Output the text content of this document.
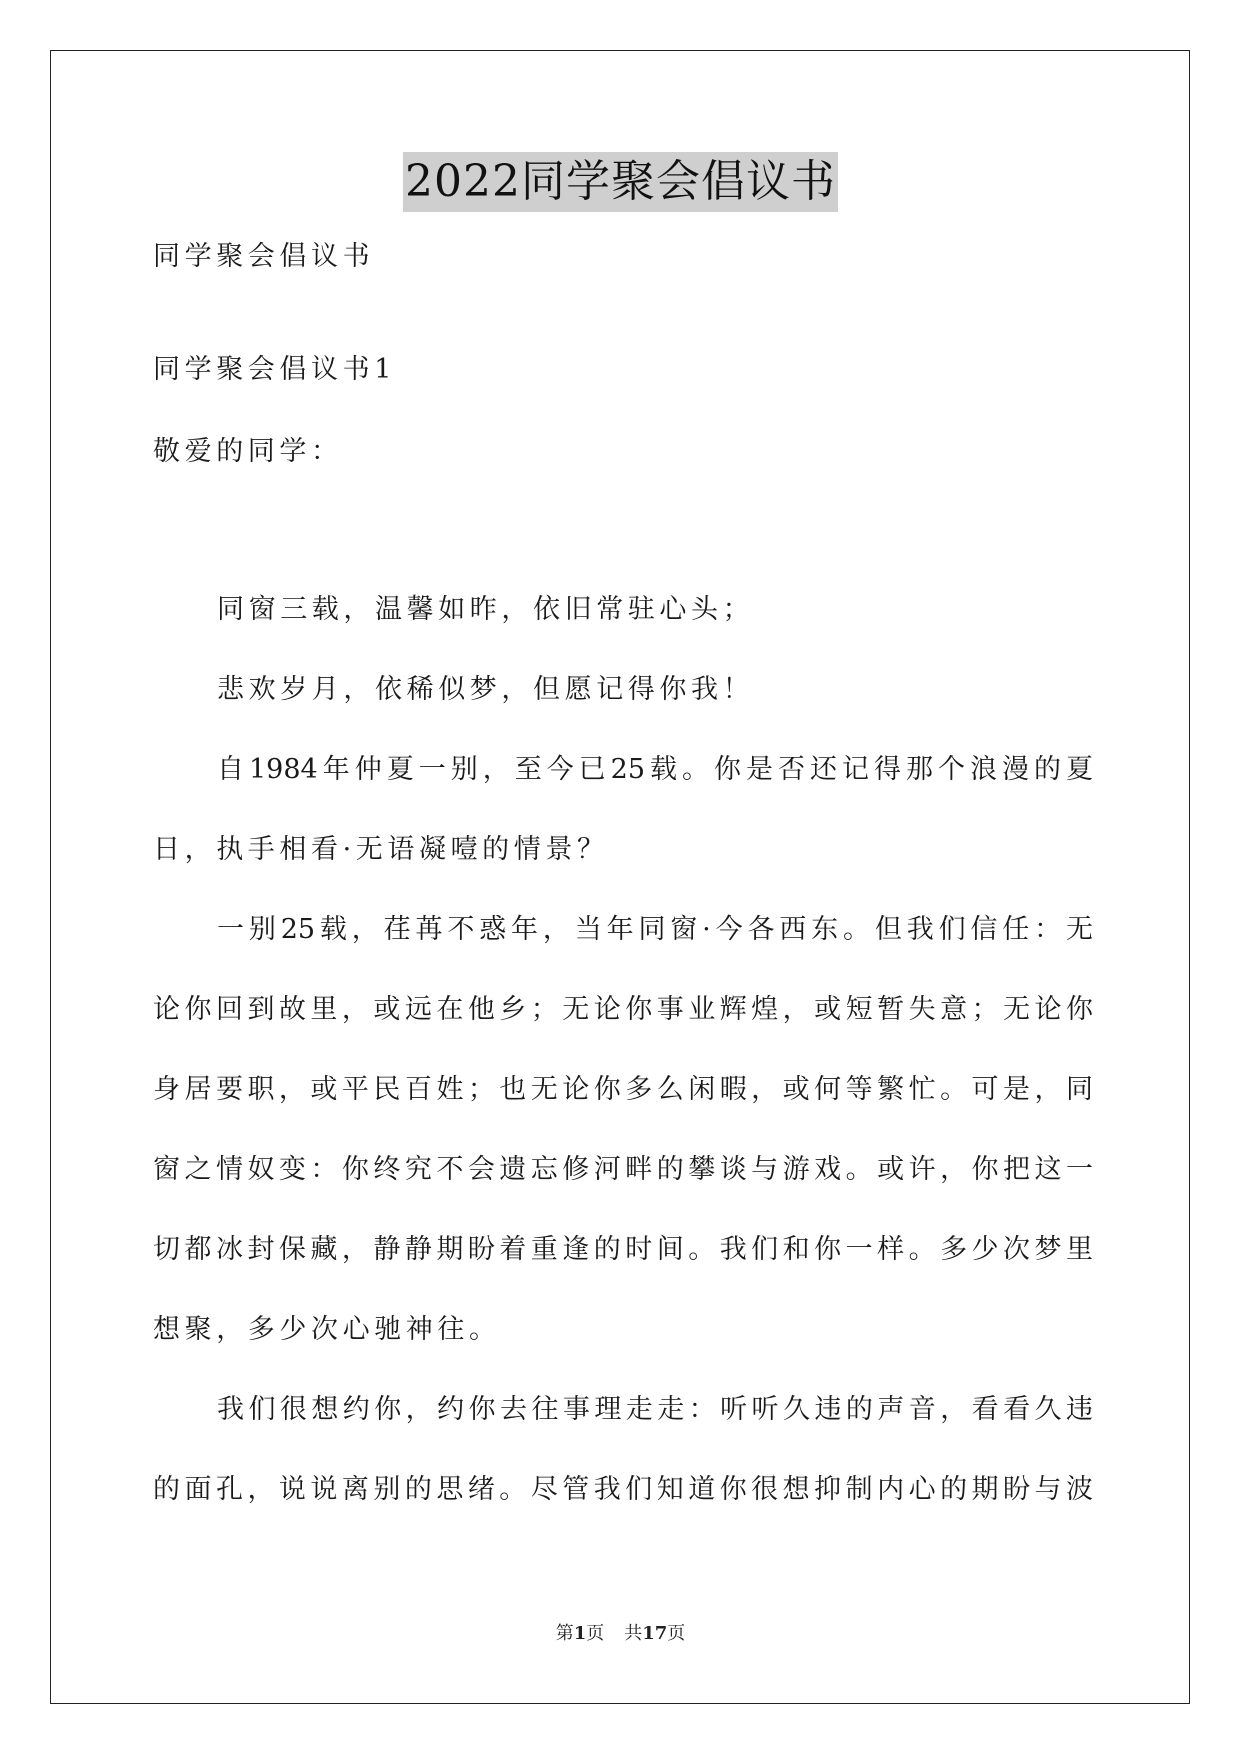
2022同学聚会倡议书
同学聚会倡议书
同学聚会倡议书1
敬爱的同学：
同窗三载，温馨如昨，依旧常驻心头；
悲欢岁月，依稀似梦，但愿记得你我！
自1984年仲夏一别，至今已25载。你是否还记得那个浪漫的夏
日，执手相看·无语凝噎的情景？
一别25载，荏苒不惑年，当年同窗·今各西东。但我们信任：无
论你回到故里，或远在他乡；无论你事业辉煌，或短暂失意；无论你
身居要职，或平民百姓；也无论你多么闲暇，或何等繁忙。可是，同
窗之情奴变：你终究不会遗忘修河畔的攀谈与游戏。或许，你把这一
切都冰封保藏，静静期盼着重逢的时间。我们和你一样。多少次梦里
想聚，多少次心驰神往。
我们很想约你，约你去往事理走走：听听久违的声音，看看久违
的面孔，说说离别的思绪。尽管我们知道你很想抑制内心的期盼与波
第1页 共17页
